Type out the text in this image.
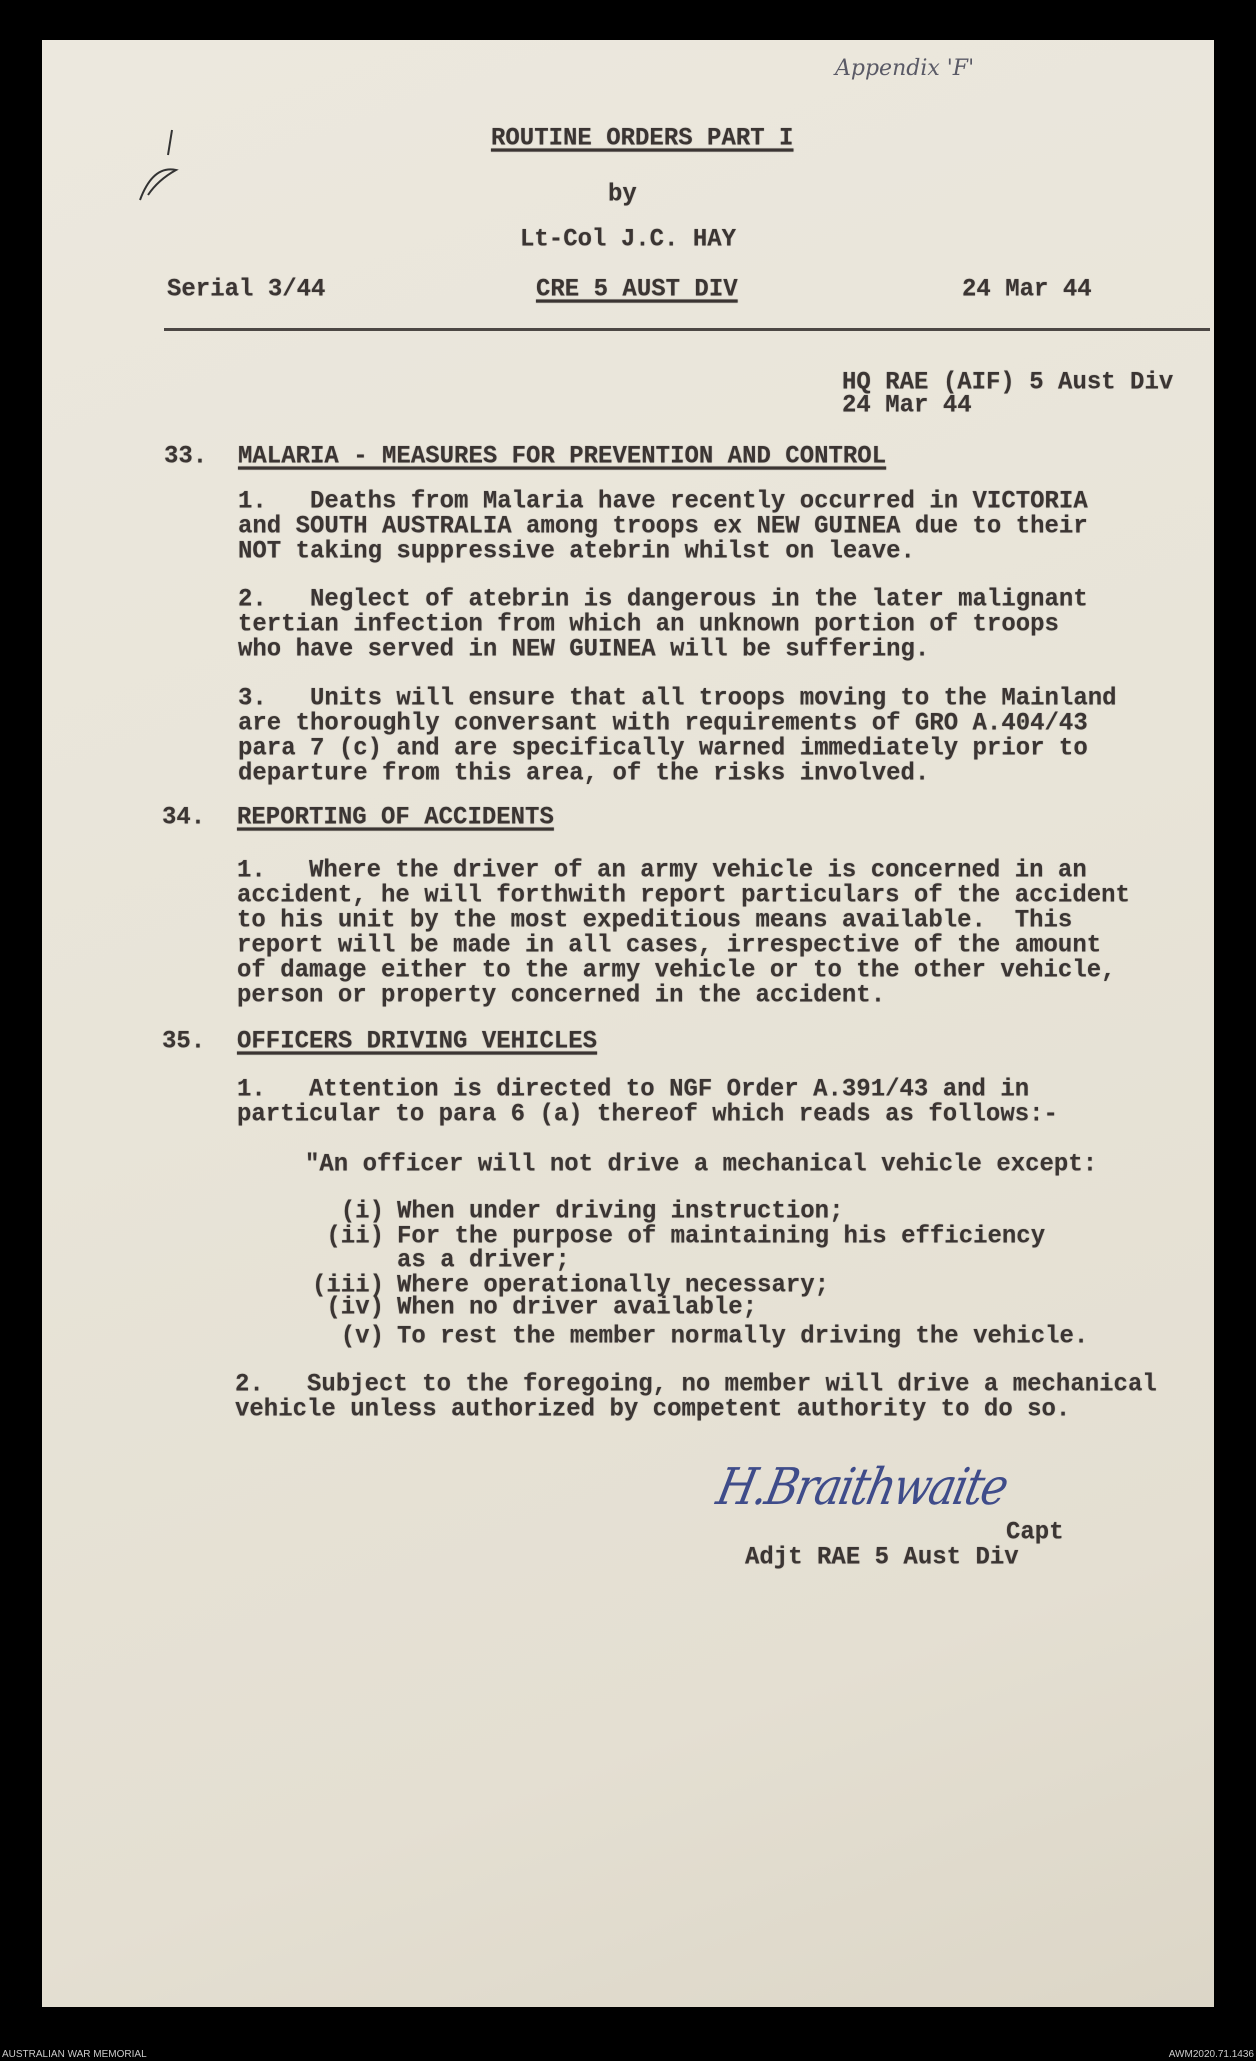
Appendix 'F'
ROUTINE ORDERS PART I
by
Lt-Col J.C. HAY
Serial 3/44	CRE 5 AUST DIV	24 Mar 44
HQ RAE (AIF) 5 Aust Div
24 Mar 44
33. MALARIA - MEASURES FOR PREVENTION AND CONTROL
1.   Deaths from Malaria have recently occurred in VICTORIA
and SOUTH AUSTRALIA among troops ex NEW GUINEA due to their
NOT taking suppressive atebrin whilst on leave.
2.   Neglect of atebrin is dangerous in the later malignant
tertian infection from which an unknown portion of troops
who have served in NEW GUINEA will be suffering.
3.   Units will ensure that all troops moving to the Mainland
are thoroughly conversant with requirements of GRO A.404/43
para 7 (c) and are specifically warned immediately prior to
departure from this area, of the risks involved.
34. REPORTING OF ACCIDENTS
1.   Where the driver of an army vehicle is concerned in an
accident, he will forthwith report particulars of the accident
to his unit by the most expeditious means available.  This
report will be made in all cases, irrespective of the amount
of damage either to the army vehicle or to the other vehicle,
person or property concerned in the accident.
35. OFFICERS DRIVING VEHICLES
1.   Attention is directed to NGF Order A.391/43 and in
particular to para 6 (a) thereof which reads as follows:-
"An officer will not drive a mechanical vehicle except:
(i) When under driving instruction;
(ii) For the purpose of maintaining his efficiency
as a driver;
(iii) Where operationally necessary;
(iv) When no driver available;
(v) To rest the member normally driving the vehicle.
2.   Subject to the foregoing, no member will drive a mechanical
vehicle unless authorized by competent authority to do so.
H.Braithwaite
Capt
Adjt RAE 5 Aust Div
AUSTRALIAN WAR MEMORIAL	AWM2020.71.1436
